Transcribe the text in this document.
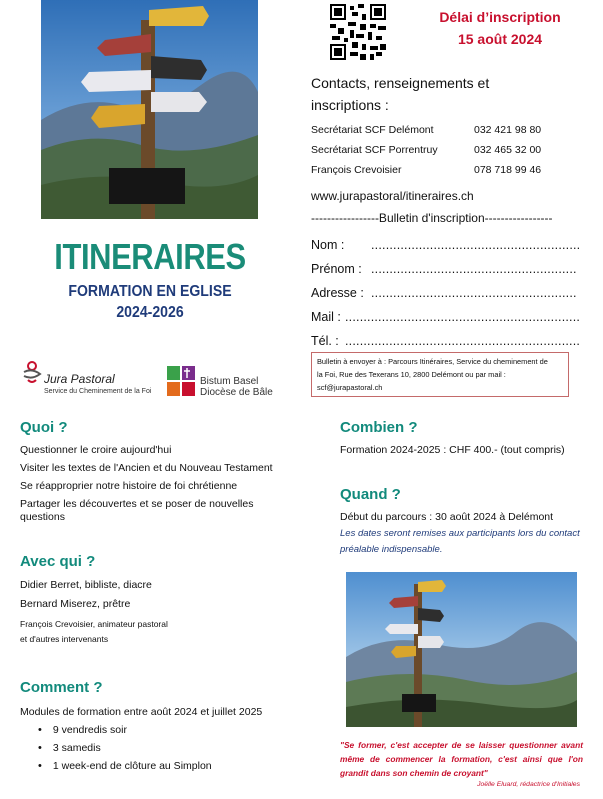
ITINERAIRES
FORMATION EN EGLISE
2024-2026
Jura Pastoral
Service du Cheminement de la Foi
Bistum Basel
Diocèse de Bâle
Délai d’inscription
15 août 2024
Contacts, renseignements et
inscriptions :
Secrétariat SCF Delémont	032 421 98 80
Secrétariat SCF Porrentruy	032 465 32 00
François Crevoisier	078 718 99 46
www.jurapastoral/itineraires.ch
-----------------Bulletin d'inscription-----------------
Nom :	.........................................................
Prénom : ........................................................
Adresse : ........................................................
Mail : ................................................................
Tél. : ................................................................
Bulletin à envoyer à : Parcours Itinéraires, Service du cheminement de
la Foi, Rue des Texerans 10, 2800 Delémont ou par mail :
scf@jurapastoral.ch
Quoi ?
Questionner le croire aujourd'hui
Visiter les textes de l'Ancien et du Nouveau Testament
Se réapproprier notre histoire de foi chrétienne
Partager les découvertes et se poser de nouvelles
questions
Avec qui ?
Didier Berret, bibliste, diacre
Bernard Miserez, prêtre
François Crevoisier, animateur pastoral
et d'autres intervenants
Comment ?
Modules de formation entre août 2024 et juillet 2025
• 9 vendredis soir
• 3 samedis
• 1 week-end de clôture au Simplon
Combien ?
Formation 2024-2025 : CHF 400.- (tout compris)
Quand ?
Début du parcours : 30 août 2024 à Delémont
Les dates seront remises aux participants lors du contact
préalable indispensable.
"Se former, c'est accepter de se laisser questionner avant même de commencer la formation, c'est ainsi que l'on grandit dans son chemin de croyant"
Joëlle Eluard, rédactrice d'Initiales
